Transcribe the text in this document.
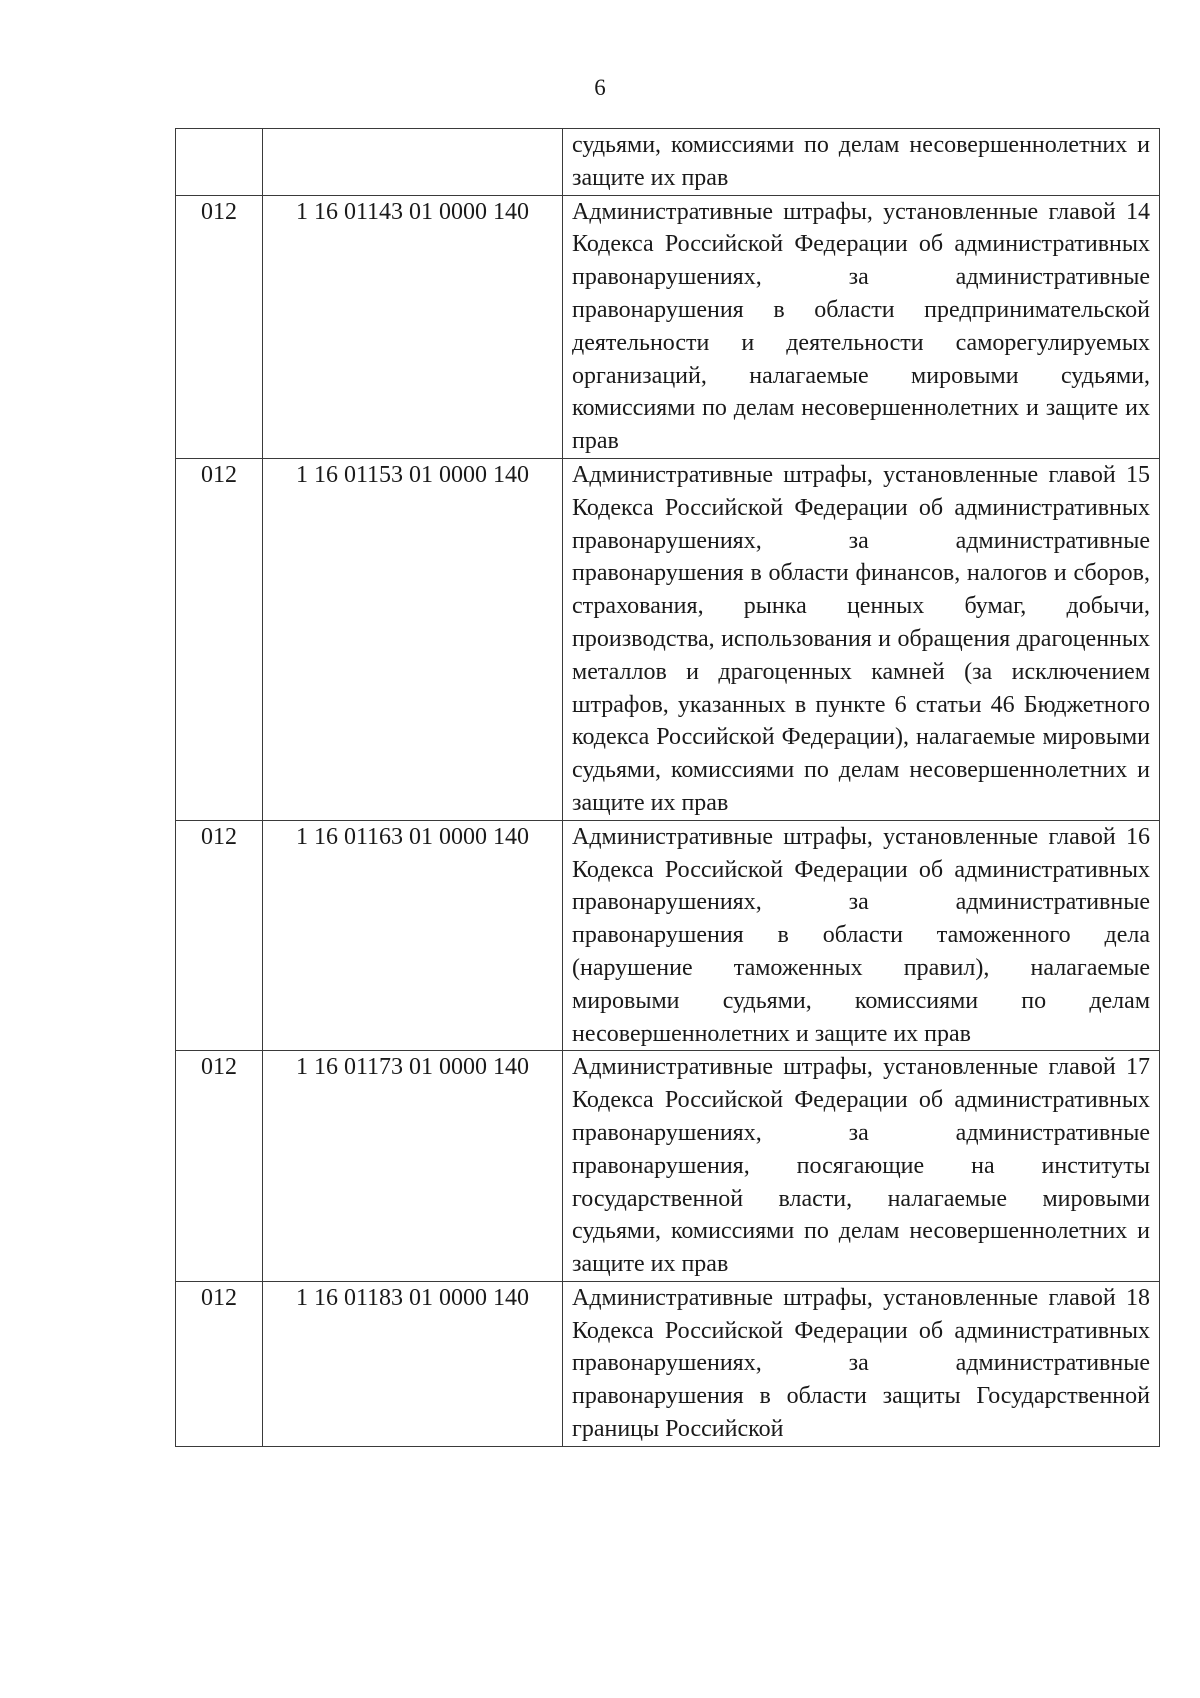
6
		судьями, комиссиями по делам несовершеннолетних и защите их прав
012	1 16 01143 01 0000 140	Административные штрафы, установленные главой 14 Кодекса Российской Федерации об административных правонарушениях, за административные правонарушения в области предпринимательской деятельности и деятельности саморегулируемых организаций, налагаемые мировыми судьями, комиссиями по делам несовершеннолетних и защите их прав
012	1 16 01153 01 0000 140	Административные штрафы, установленные главой 15 Кодекса Российской Федерации об административных правонарушениях, за административные правонарушения в области финансов, налогов и сборов, страхования, рынка ценных бумаг, добычи, производства, использования и обращения драгоценных металлов и драгоценных камней (за исключением штрафов, указанных в пункте 6 статьи 46 Бюджетного кодекса Российской Федерации), налагаемые мировыми судьями, комиссиями по делам несовершеннолетних и защите их прав
012	1 16 01163 01 0000 140	Административные штрафы, установленные главой 16 Кодекса Российской Федерации об административных правонарушениях, за административные правонарушения в области таможенного дела (нарушение таможенных правил), налагаемые мировыми судьями, комиссиями по делам несовершеннолетних и защите их прав
012	1 16 01173 01 0000 140	Административные штрафы, установленные главой 17 Кодекса Российской Федерации об административных правонарушениях, за административные правонарушения, посягающие на институты государственной власти, налагаемые мировыми судьями, комиссиями по делам несовершеннолетних и защите их прав
012	1 16 01183 01 0000 140	Административные штрафы, установленные главой 18 Кодекса Российской Федерации об административных правонарушениях, за административные правонарушения в области защиты Государственной границы Российской
